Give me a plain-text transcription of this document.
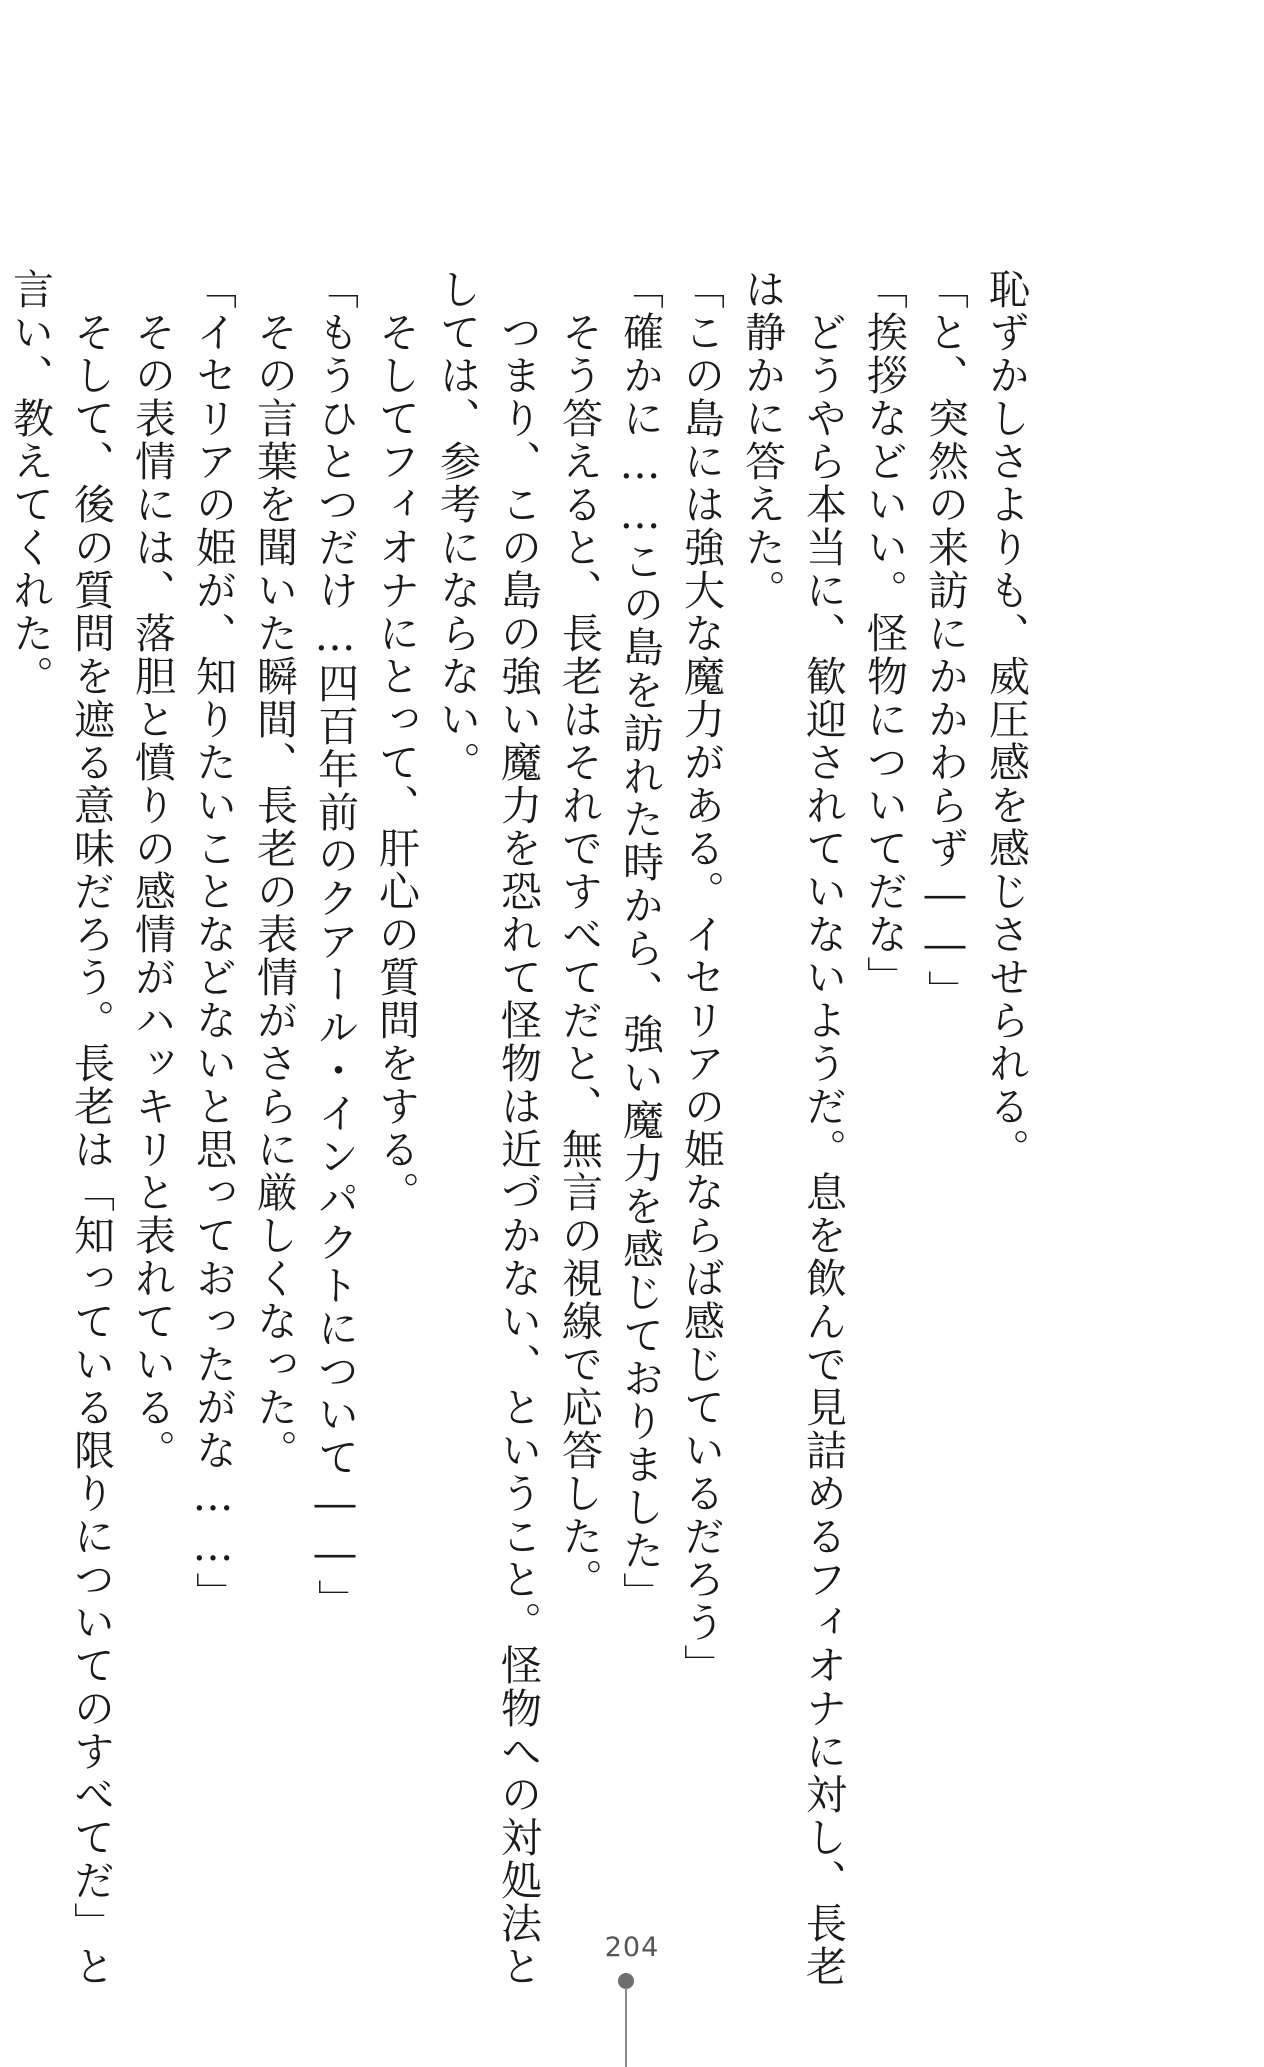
恥ずかしさよりも、威圧感を感じさせられる。
「と、突然の来訪にかかわらず――」
「挨拶などいい。怪物についてだな」
　どうやら本当に、歓迎されていないようだ。息を飲んで見詰めるフィオナに対し、長老
は静かに答えた。
「この島には強大な魔力がある。イセリアの姫ならば感じているだろう」
「確かに……この島を訪れた時から、強い魔力を感じておりました」
　そう答えると、長老はそれですべてだと、無言の視線で応答した。
　つまり、この島の強い魔力を恐れて怪物は近づかない、ということ。怪物への対処法と
しては、参考にならない。
　そしてフィオナにとって、肝心の質問をする。
「もうひとつだけ…四百年前のクアール・インパクトについて――」
　その言葉を聞いた瞬間、長老の表情がさらに厳しくなった。
「イセリアの姫が、知りたいことなどないと思っておったがな……」
　その表情には、落胆と憤りの感情がハッキリと表れている。
　そして、後の質問を遮る意味だろう。長老は「知っている限りについてのすべてだ」と
言い、教えてくれた。
204
